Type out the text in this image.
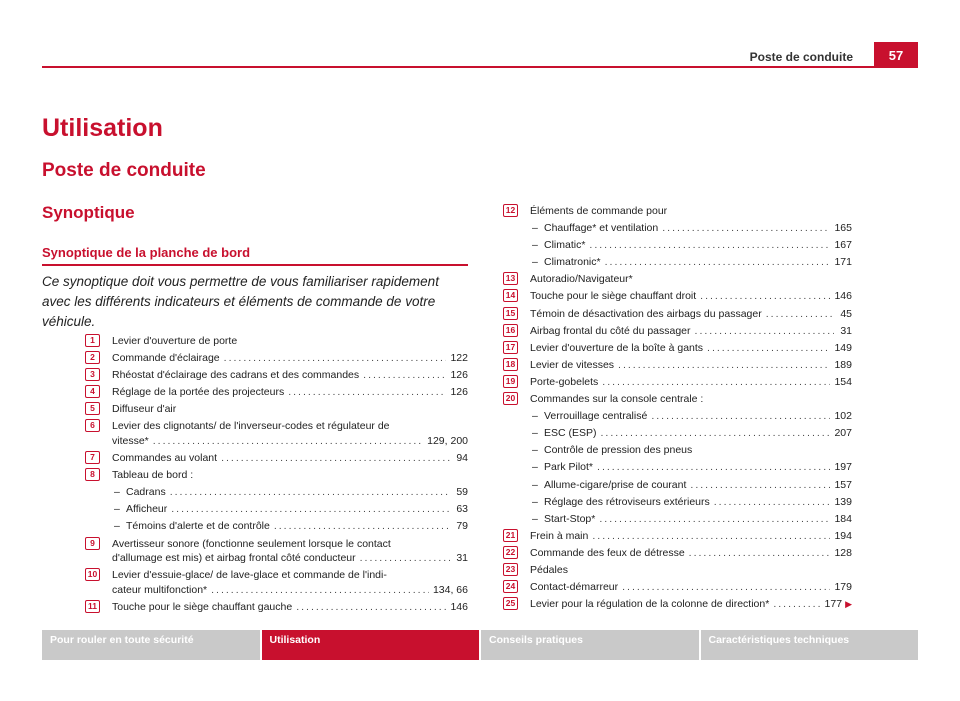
Poste de conduite	57
Utilisation
Poste de conduite
Synoptique
Synoptique de la planche de bord
Ce synoptique doit vous permettre de vous familiariser rapidement avec les différents indicateurs et éléments de commande de votre véhicule.
1	Levier d'ouverture de porte
2	Commande d'éclairage .....	122
3	Rhéostat d'éclairage des cadrans et des commandes .....	126
4	Réglage de la portée des projecteurs .....	126
5	Diffuseur d'air
6	Levier des clignotants/ de l'inverseur-codes et régulateur de
vitesse* .....	129, 200
7	Commandes au volant .....	94
8	Tableau de bord :
– Cadrans .....	59
– Afficheur .....	63
– Témoins d'alerte et de contrôle .....	79
9	Avertisseur sonore (fonctionne seulement lorsque le contact
d'allumage est mis) et airbag frontal côté conducteur .....	31
10 Levier d'essuie-glace/ de lave-glace et commande de l'indi-
cateur multifonction* .....	134, 66
11 Touche pour le siège chauffant gauche .....	146
12 Éléments de commande pour
– Chauffage* et ventilation .....	165
– Climatic* .....	167
– Climatronic* .....	171
13 Autoradio/Navigateur*
14 Touche pour le siège chauffant droit .....	146
15 Témoin de désactivation des airbags du passager .....	45
16 Airbag frontal du côté du passager .....	31
17 Levier d'ouverture de la boîte à gants .....	149
18 Levier de vitesses .....	189
19 Porte-gobelets .....	154
20 Commandes sur la console centrale :
– Verrouillage centralisé .....	102
– ESC (ESP) .....	207
– Contrôle de pression des pneus
– Park Pilot* .....	197
– Allume-cigare/prise de courant .....	157
– Réglage des rétroviseurs extérieurs .....	139
– Start-Stop* .....	184
21 Frein à main .....	194
22 Commande des feux de détresse .....	128
23 Pédales
24 Contact-démarreur .....	179
25 Levier pour la régulation de la colonne de direction* .....	177 ▶
Pour rouler en toute sécurité	Utilisation	Conseils pratiques	Caractéristiques techniques
